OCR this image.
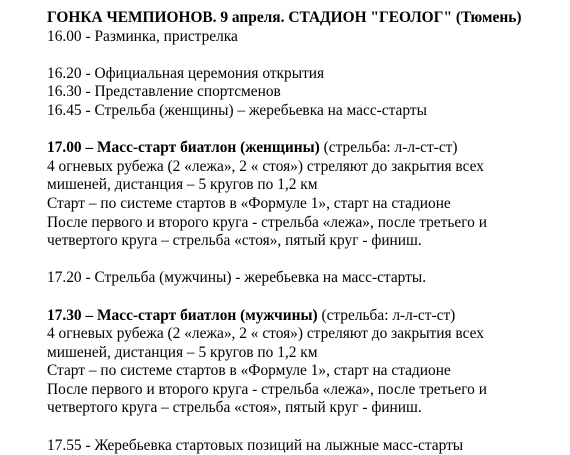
ГОНКА ЧЕМПИОНОВ. 9 апреля. СТАДИОН "ГЕОЛОГ" (Тюмень)
16.00 - Разминка, пристрелка
16.20 - Официальная церемония открытия
16.30 - Представление спортсменов
16.45 - Стрельба (женщины) – жеребьевка на масс-старты
17.00 – Масс-старт биатлон (женщины) (стрельба: л-л-ст-ст)
4 огневых рубежа (2 «лежа», 2 « стоя») стреляют до закрытия всех
мишеней, дистанция – 5 кругов по 1,2 км
Старт – по системе стартов в «Формуле 1», старт на стадионе
После первого и второго круга - стрельба «лежа», после третьего и
четвертого круга – стрельба «стоя», пятый круг - финиш.
17.20 - Стрельба (мужчины) - жеребьевка на масс-старты.
17.30 – Масс-старт биатлон (мужчины) (стрельба: л-л-ст-ст)
4 огневых рубежа (2 «лежа», 2 « стоя») стреляют до закрытия всех
мишеней, дистанция – 5 кругов по 1,2 км
Старт – по системе стартов в «Формуле 1», старт на стадионе
После первого и второго круга - стрельба «лежа», после третьего и
четвертого круга – стрельба «стоя», пятый круг - финиш.
17.55 - Жеребьевка стартовых позиций на лыжные масс-старты
